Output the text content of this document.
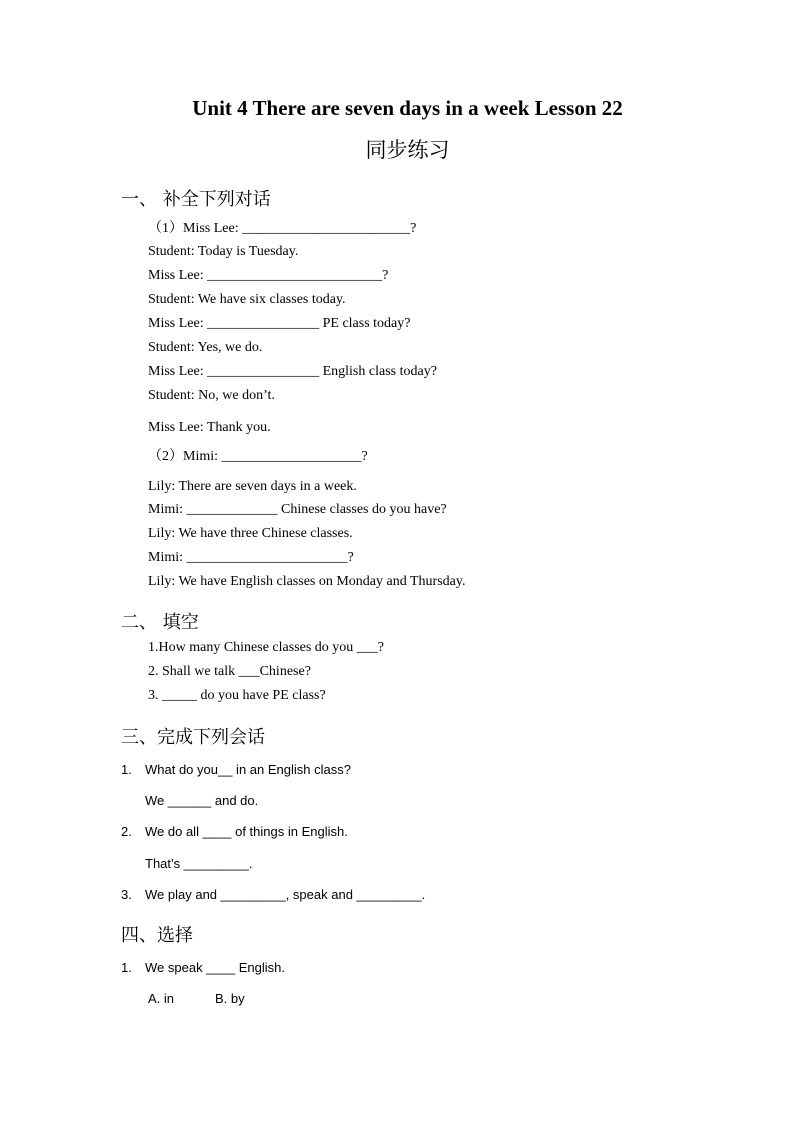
Unit 4 There are seven days in a week Lesson 22
同步练习
一、 补全下列对话
（1）Miss Lee: ________________________?
Student: Today is Tuesday.
Miss Lee: _________________________?
Student: We have six classes today.
Miss Lee: ________________ PE class today?
Student: Yes, we do.
Miss Lee: ________________ English class today?
Student: No, we don’t.
Miss Lee: Thank you.
（2）Mimi: ____________________?
Lily: There are seven days in a week.
Mimi: _____________ Chinese classes do you have?
Lily: We have three Chinese classes.
Mimi: _______________________?
Lily: We have English classes on Monday and Thursday.
二、 填空
1.How many Chinese classes do you ___?
2. Shall we talk ___Chinese?
3. _____ do you have PE class?
三、完成下列会话
1. What do you__ in an English class?
We ______ and do.
2. We do all ____ of things in English.
That’s _________.
3. We play and _________, speak and _________.
四、选择
1. We speak ____ English.
A. in	B. by
